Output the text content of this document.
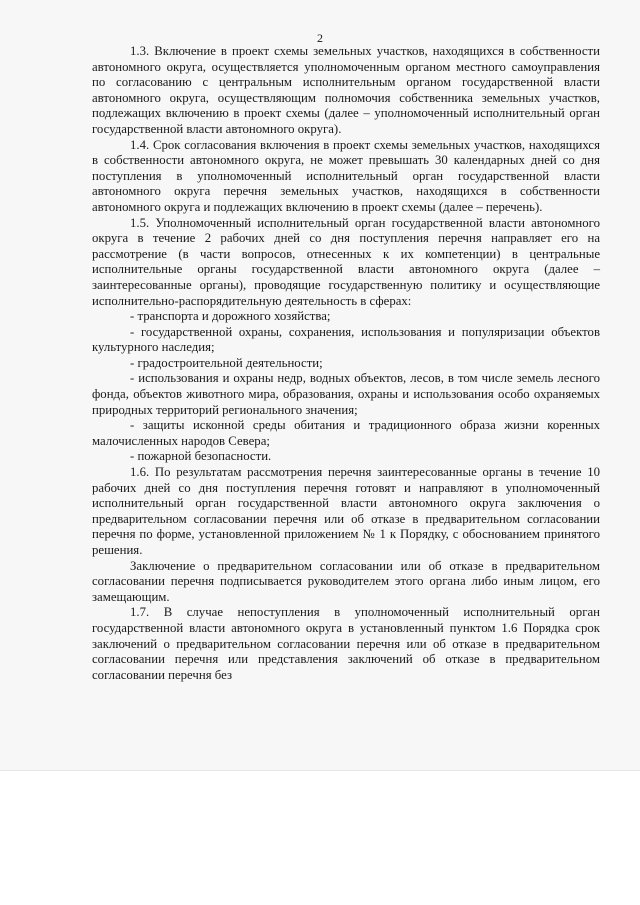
2

1.3. Включение в проект схемы земельных участков, находящихся в собственности автономного округа, осуществляется уполномоченным органом местного самоуправления по согласованию с центральным исполнительным органом государственной власти автономного округа, осуществляющим полномочия собственника земельных участков, подлежащих включению в проект схемы (далее – уполномоченный исполнительный орган государственной власти автономного округа).

1.4. Срок согласования включения в проект схемы земельных участков, находящихся в собственности автономного округа, не может превышать 30 календарных дней со дня поступления в уполномоченный исполнительный орган государственной власти автономного округа перечня земельных участков, находящихся в собственности автономного округа и подлежащих включению в проект схемы (далее – перечень).

1.5. Уполномоченный исполнительный орган государственной власти автономного округа в течение 2 рабочих дней со дня поступления перечня направляет его на рассмотрение (в части вопросов, отнесенных к их компетенции) в центральные исполнительные органы государственной власти автономного округа (далее – заинтересованные органы), проводящие государственную политику и осуществляющие исполнительно-распорядительную деятельность в сферах:

- транспорта и дорожного хозяйства;

- государственной охраны, сохранения, использования и популяризации объектов культурного наследия;

- градостроительной деятельности;

- использования и охраны недр, водных объектов, лесов, в том числе земель лесного фонда, объектов животного мира, образования, охраны и использования особо охраняемых природных территорий регионального значения;

- защиты исконной среды обитания и традиционного образа жизни коренных малочисленных народов Севера;

- пожарной безопасности.

1.6. По результатам рассмотрения перечня заинтересованные органы в течение 10 рабочих дней со дня поступления перечня готовят и направляют в уполномоченный исполнительный орган государственной власти автономного округа заключения о предварительном согласовании перечня или об отказе в предварительном согласовании перечня по форме, установленной приложением № 1 к Порядку, с обоснованием принятого решения.

Заключение о предварительном согласовании или об отказе в предварительном согласовании перечня подписывается руководителем этого органа либо иным лицом, его замещающим.

1.7. В случае непоступления в уполномоченный исполнительный орган государственной власти автономного округа в установленный пунктом 1.6 Порядка срок заключений о предварительном согласовании перечня или об отказе в предварительном согласовании перечня или представления заключений об отказе в предварительном согласовании перечня без
